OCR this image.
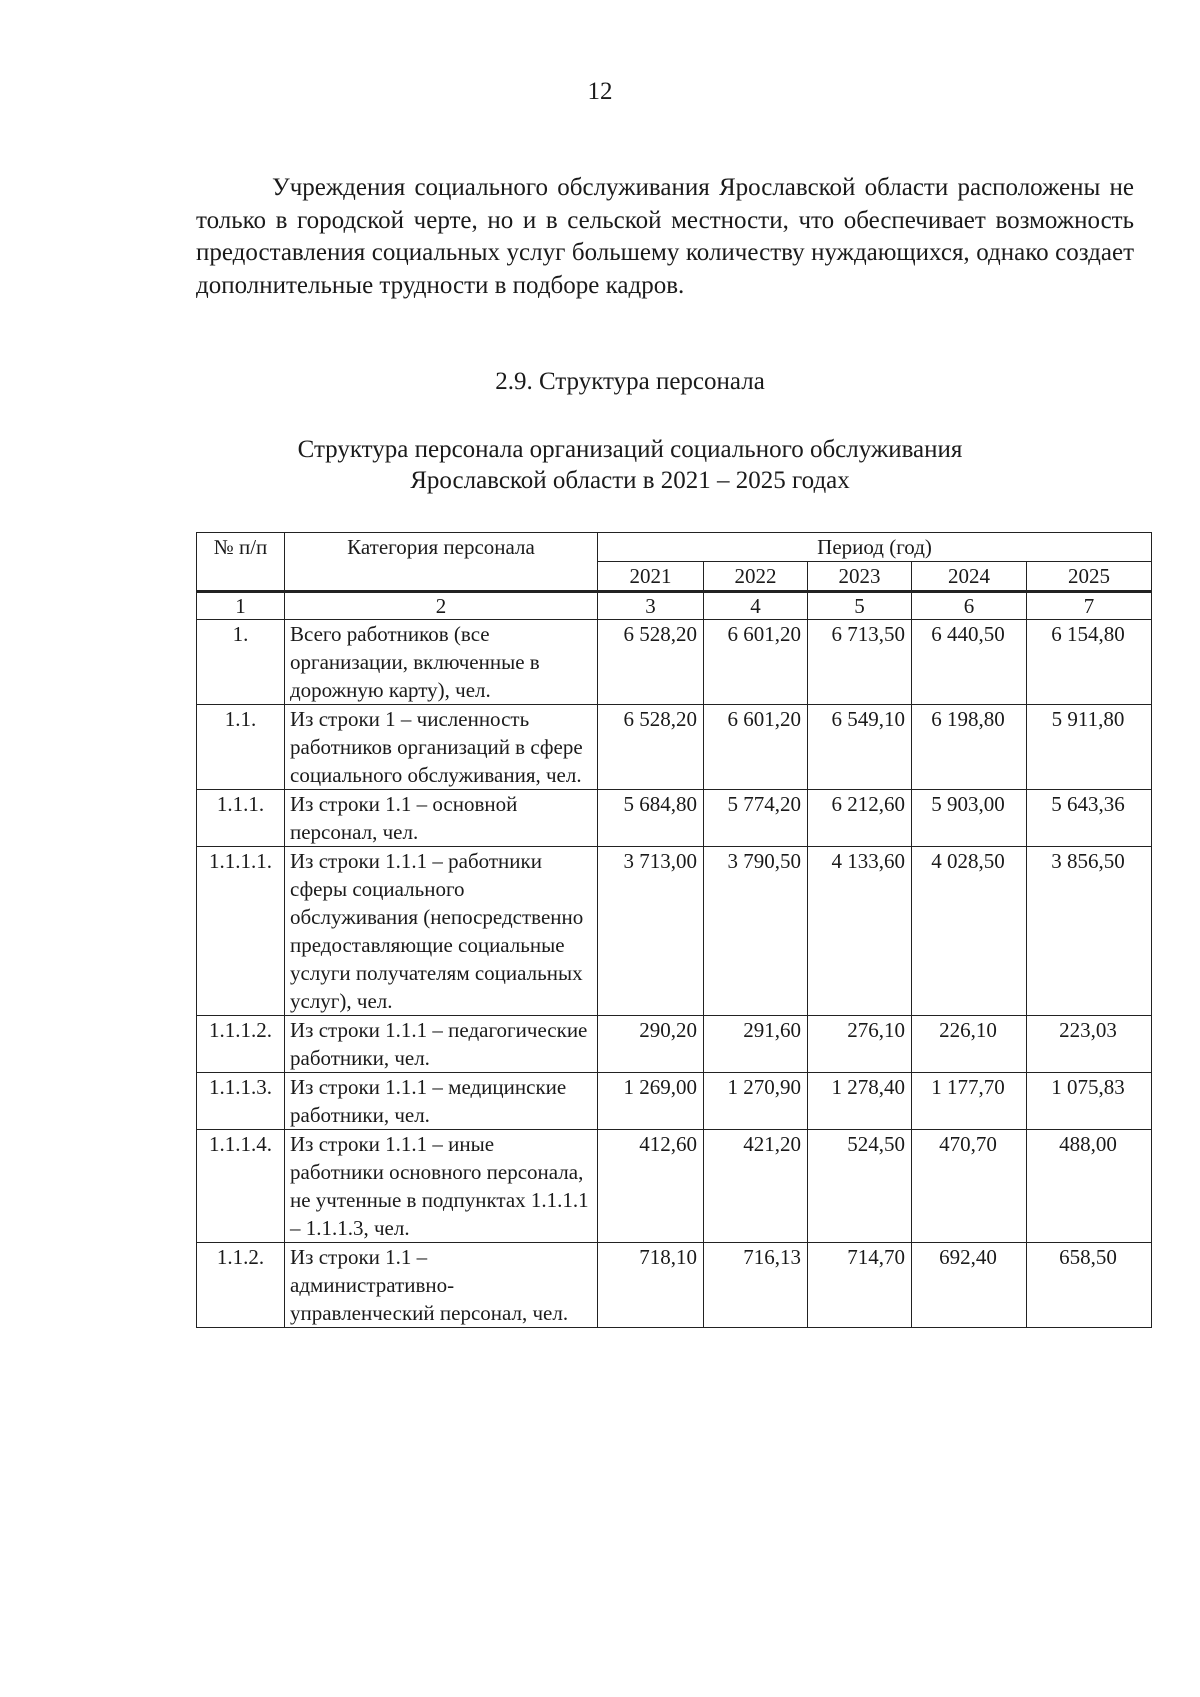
12

Учреждения социального обслуживания Ярославской области расположены не только в городской черте, но и в сельской местности, что обеспечивает возможность предоставления социальных услуг большему количеству нуждающихся, однако создает дополнительные трудности в подборе кадров.

2.9. Структура персонала
Структура персонала организаций социального обслуживания
Ярославской области в 2021 – 2025 годах
№ п/п	Категория персонала	Период (год)				
		2021	2022	2023	2024	2025

1	2	3	4	5	6	7
1.	Всего работников (все организации, включенные в дорожную карту), чел.	6 528,20	6 601,20	6 713,50	6 440,50	6 154,80
1.1.	Из строки 1 – численность работников организаций в сфере социального обслуживания, чел.	6 528,20	6 601,20	6 549,10	6 198,80	5 911,80
1.1.1.	Из строки 1.1 – основной персонал, чел.	5 684,80	5 774,20	6 212,60	5 903,00	5 643,36
1.1.1.1.	Из строки 1.1.1 – работники сферы социального обслуживания (непосредственно предоставляющие социальные услуги получателям социальных услуг), чел.	3 713,00	3 790,50	4 133,60	4 028,50	3 856,50
1.1.1.2.	Из строки 1.1.1 – педагогические работники, чел.	290,20	291,60	276,10	226,10	223,03
1.1.1.3.	Из строки 1.1.1 – медицинские работники, чел.	1 269,00	1 270,90	1 278,40	1 177,70	1 075,83
1.1.1.4.	Из строки 1.1.1 – иные работники основного персонала, не учтенные в подпунктах 1.1.1.1 – 1.1.1.3, чел.	412,60	421,20	524,50	470,70	488,00
1.1.2.	Из строки 1.1 – административно-управленческий персонал, чел.	718,10	716,13	714,70	692,40	658,50
